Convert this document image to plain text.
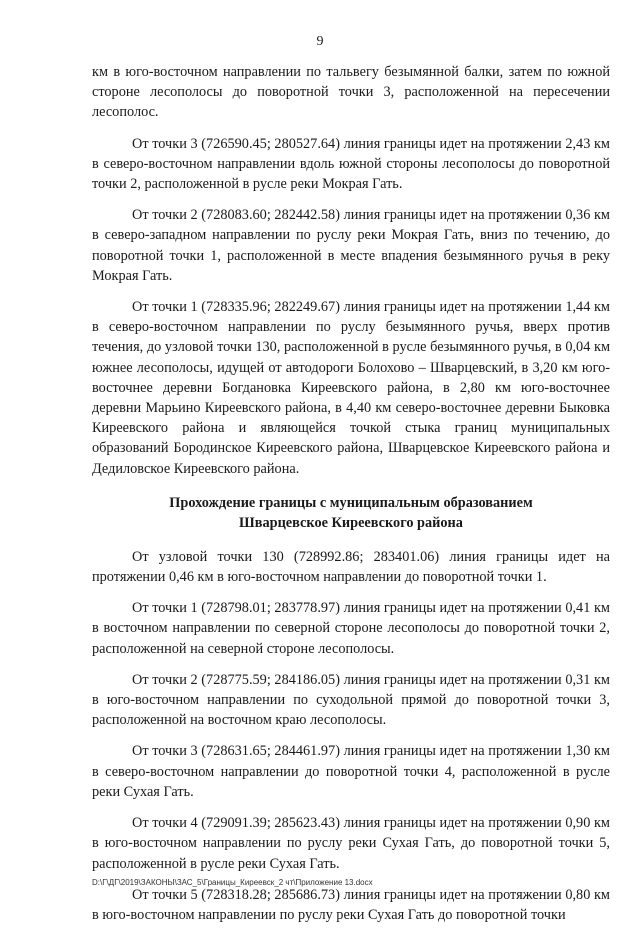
9

км в юго-восточном направлении по тальвегу безымянной балки, затем по южной стороне лесополосы до поворотной точки 3, расположенной на пересечении лесополос.

От точки 3 (726590.45; 280527.64) линия границы идет на протяжении 2,43 км в северо-восточном направлении вдоль южной стороны лесополосы до поворотной точки 2, расположенной в русле реки Мокрая Гать.

От точки 2 (728083.60; 282442.58) линия границы идет на протяжении 0,36 км в северо-западном направлении по руслу реки Мокрая Гать, вниз по течению, до поворотной точки 1, расположенной в месте впадения безымянного ручья в реку Мокрая Гать.

От точки 1 (728335.96; 282249.67) линия границы идет на протяжении 1,44 км в северо-восточном направлении по руслу безымянного ручья, вверх против течения, до узловой точки 130, расположенной в русле безымянного ручья, в 0,04 км южнее лесополосы, идущей от автодороги Болохово – Шварцевский, в 3,20 км юго-восточнее деревни Богдановка Киреевского района, в 2,80 км юго-восточнее деревни Марьино Киреевского района, в 4,40 км северо-восточнее деревни Быковка Киреевского района и являющейся точкой стыка границ муниципальных образований Бородинское Киреевского района, Шварцевское Киреевского района и Дедиловское Киреевского района.

Прохождение границы с муниципальным образованием
Шварцевское Киреевского района

От узловой точки 130 (728992.86; 283401.06) линия границы идет на протяжении 0,46 км в юго-восточном направлении до поворотной точки 1.

От точки 1 (728798.01; 283778.97) линия границы идет на протяжении 0,41 км в восточном направлении по северной стороне лесополосы до поворотной точки 2, расположенной на северной стороне лесополосы.

От точки 2 (728775.59; 284186.05) линия границы идет на протяжении 0,31 км в юго-восточном направлении по суходольной прямой до поворотной точки 3, расположенной на восточном краю лесополосы.

От точки 3 (728631.65; 284461.97) линия границы идет на протяжении 1,30 км в северо-восточном направлении до поворотной точки 4, расположенной в русле реки Сухая Гать.

От точки 4 (729091.39; 285623.43) линия границы идет на протяжении 0,90 км в юго-восточном направлении по руслу реки Сухая Гать, до поворотной точки 5, расположенной в русле реки Сухая Гать.

От точки 5 (728318.28; 285686.73) линия границы идет на протяжении 0,80 км в юго-восточном направлении по руслу реки Сухая Гать до поворотной точки

D:\Г\ДГ\2019\ЗАКОНЫ\ЗАС_5\Границы_Киреевск_2 чт\Приложение 13.docx
